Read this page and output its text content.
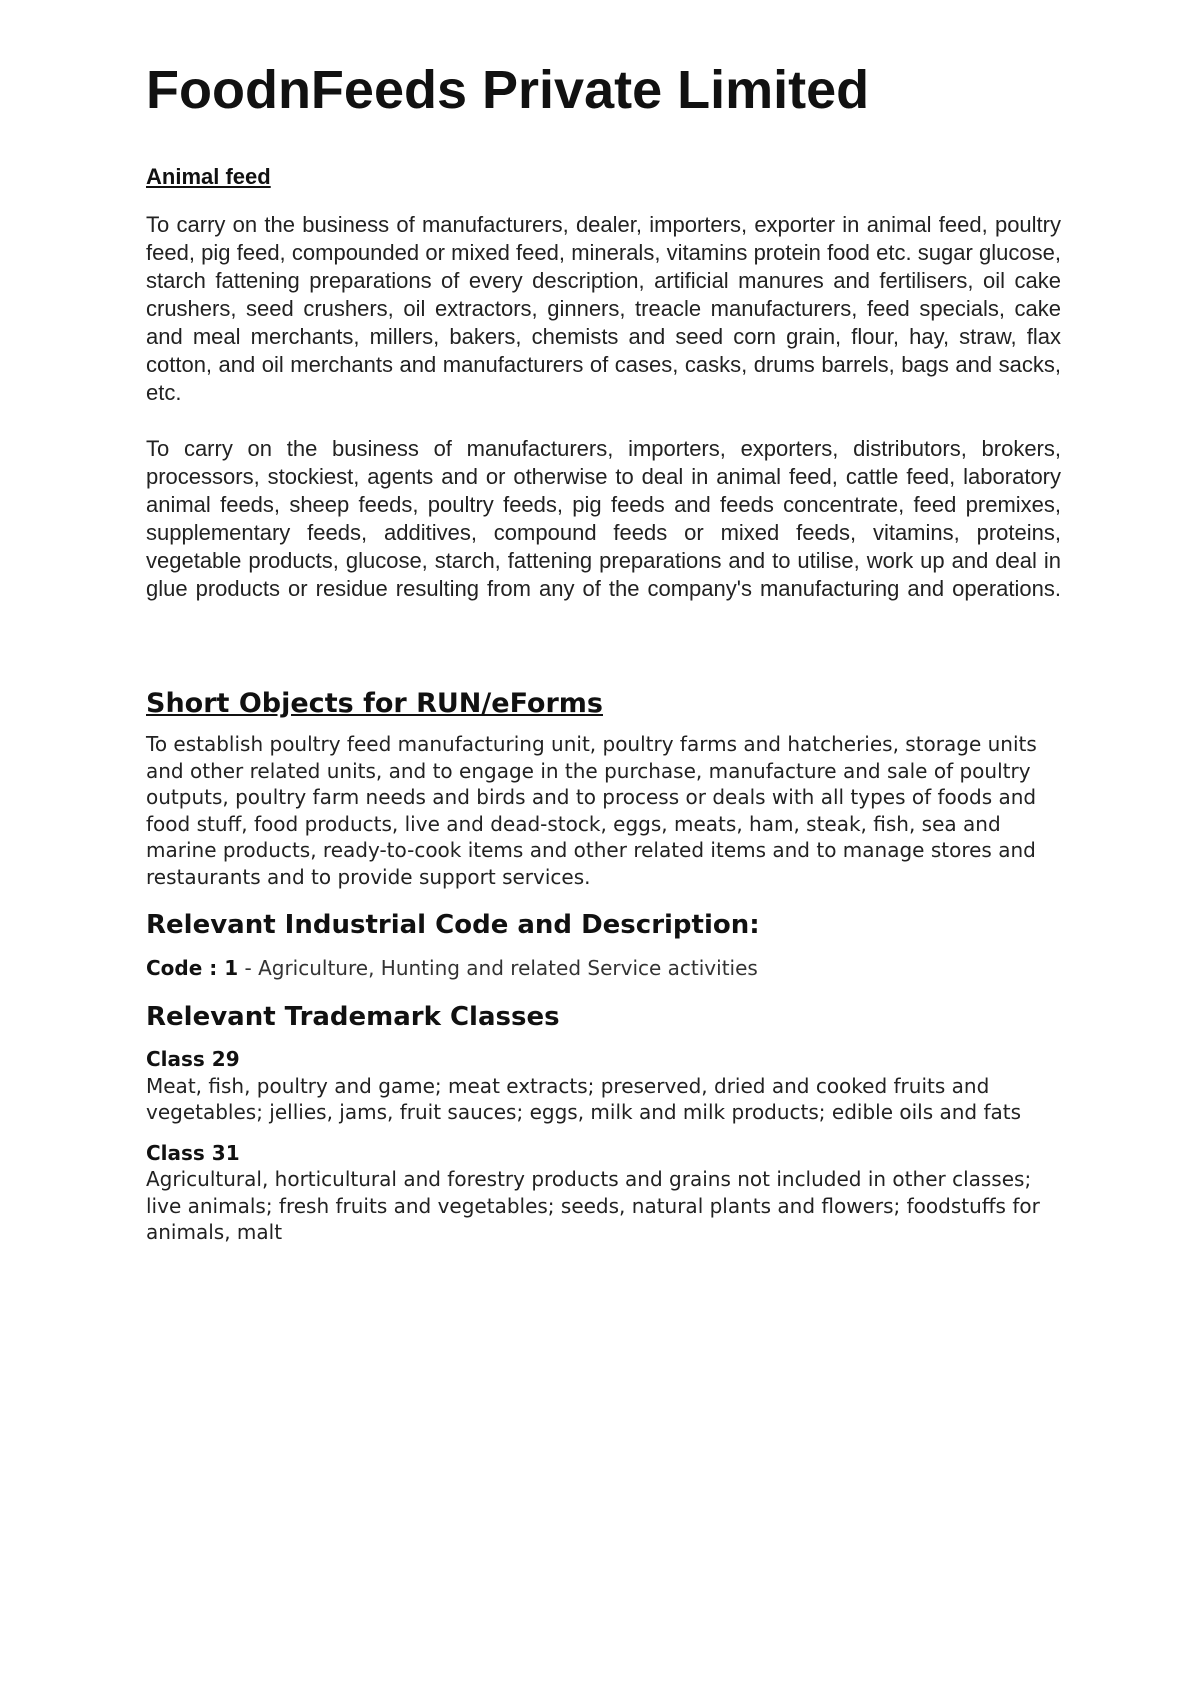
FoodnFeeds Private Limited
Animal feed

To carry on the business of manufacturers, dealer, importers, exporter in animal feed, poultry feed, pig feed, compounded or mixed feed, minerals, vitamins protein food etc. sugar glucose, starch fattening preparations of every description, artificial manures and fertilisers, oil cake crushers, seed crushers, oil extractors, ginners, treacle manufacturers, feed specials, cake and meal merchants, millers, bakers, chemists and seed corn grain, flour, hay, straw, flax cotton, and oil merchants and manufacturers of cases, casks, drums barrels, bags and sacks, etc.

To carry on the business of manufacturers, importers, exporters, distributors, brokers, processors, stockiest, agents and or otherwise to deal in animal feed, cattle feed, laboratory animal feeds, sheep feeds, poultry feeds, pig feeds and feeds concentrate, feed premixes, supplementary feeds, additives, compound feeds or mixed feeds, vitamins, proteins, vegetable products, glucose, starch, fattening preparations and to utilise, work up and deal in glue products or residue resulting from any of the company's manufacturing and operations.

Short Objects for RUN/eForms

To establish poultry feed manufacturing unit, poultry farms and hatcheries, storage units and other related units, and to engage in the purchase, manufacture and sale of poultry outputs, poultry farm needs and birds and to process or deals with all types of foods and food stuff, food products, live and dead-stock, eggs, meats, ham, steak, fish, sea and marine products, ready-to-cook items and other related items and to manage stores and restaurants and to provide support services.

Relevant Industrial Code and Description:

Code : 1 - Agriculture, Hunting and related Service activities

Relevant Trademark Classes
Class 29
Meat, fish, poultry and game; meat extracts; preserved, dried and cooked fruits and vegetables; jellies, jams, fruit sauces; eggs, milk and milk products; edible oils and fats
Class 31
Agricultural, horticultural and forestry products and grains not included in other classes; live animals; fresh fruits and vegetables; seeds, natural plants and flowers; foodstuffs for animals, malt
